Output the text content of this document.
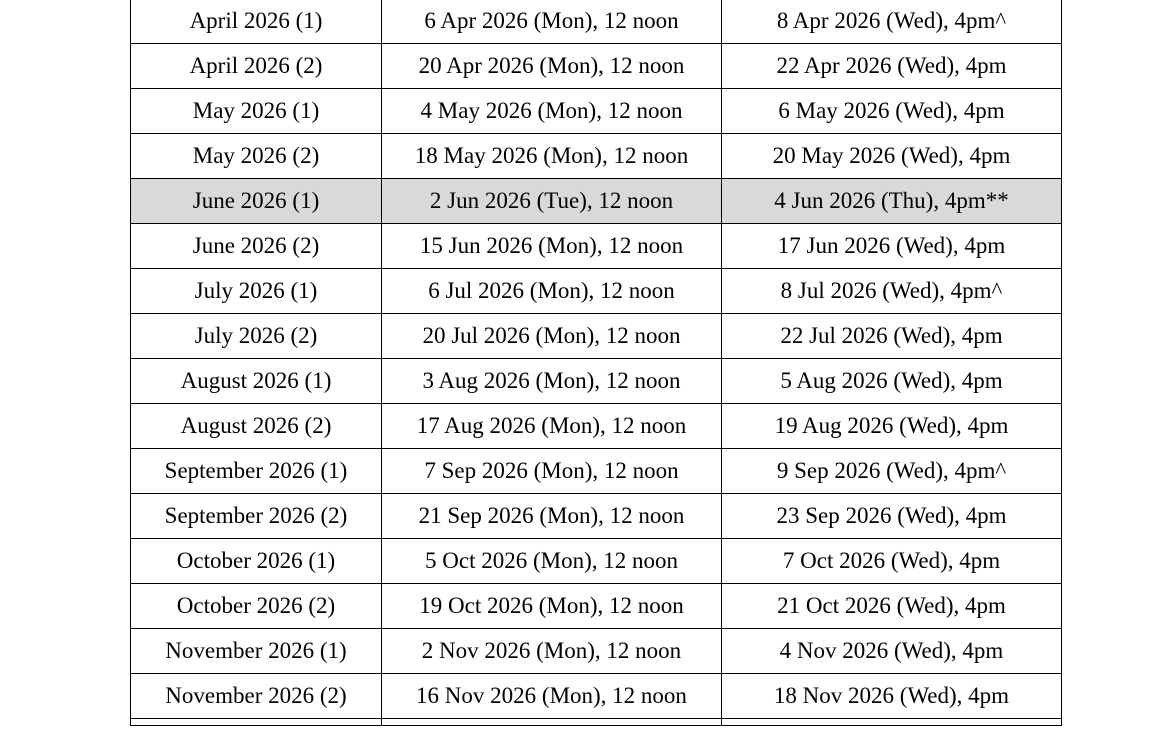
April 2026 (1)	6 Apr 2026 (Mon), 12 noon	8 Apr 2026 (Wed), 4pm^
April 2026 (2)	20 Apr 2026 (Mon), 12 noon	22 Apr 2026 (Wed), 4pm
May 2026 (1)	4 May 2026 (Mon), 12 noon	6 May 2026 (Wed), 4pm
May 2026 (2)	18 May 2026 (Mon), 12 noon	20 May 2026 (Wed), 4pm
June 2026 (1)	2 Jun 2026 (Tue), 12 noon	4 Jun 2026 (Thu), 4pm**
June 2026 (2)	15 Jun 2026 (Mon), 12 noon	17 Jun 2026 (Wed), 4pm
July 2026 (1)	6 Jul 2026 (Mon), 12 noon	8 Jul 2026 (Wed), 4pm^
July 2026 (2)	20 Jul 2026 (Mon), 12 noon	22 Jul 2026 (Wed), 4pm
August 2026 (1)	3 Aug 2026 (Mon), 12 noon	5 Aug 2026 (Wed), 4pm
August 2026 (2)	17 Aug 2026 (Mon), 12 noon	19 Aug 2026 (Wed), 4pm
September 2026 (1)	7 Sep 2026 (Mon), 12 noon	9 Sep 2026 (Wed), 4pm^
September 2026 (2)	21 Sep 2026 (Mon), 12 noon	23 Sep 2026 (Wed), 4pm
October 2026 (1)	5 Oct 2026 (Mon), 12 noon	7 Oct 2026 (Wed), 4pm
October 2026 (2)	19 Oct 2026 (Mon), 12 noon	21 Oct 2026 (Wed), 4pm
November 2026 (1)	2 Nov 2026 (Mon), 12 noon	4 Nov 2026 (Wed), 4pm
November 2026 (2)	16 Nov 2026 (Mon), 12 noon	18 Nov 2026 (Wed), 4pm
